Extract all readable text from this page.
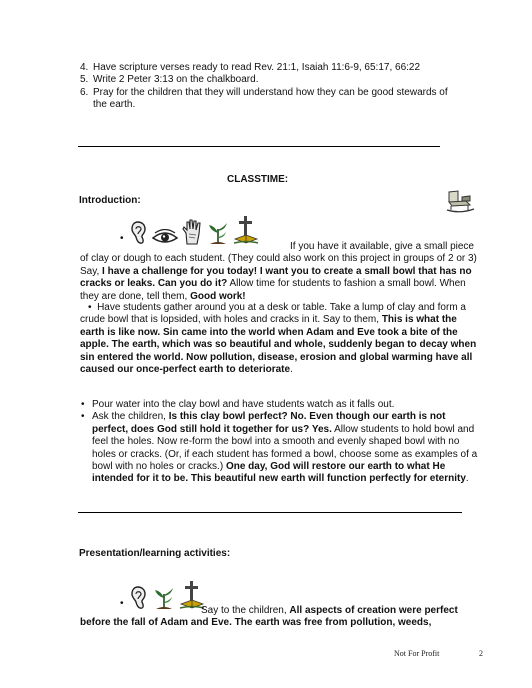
4. Have scripture verses ready to read Rev. 21:1, Isaiah 11:6-9, 65:17, 66:22
5. Write 2 Peter 3:13 on the chalkboard.
6. Pray for the children that they will understand how they can be good stewards of the earth.
CLASSTIME:
Introduction:
•
If you have it available, give a small piece of clay or dough to each student. (They could also work on this project in groups of 2 or 3) Say, I have a challenge for you today! I want you to create a small bowl that has no cracks or leaks. Can you do it? Allow time for students to fashion a small bowl. When they are done, tell them, Good work!
•  Have students gather around you at a desk or table. Take a lump of clay and form a crude bowl that is lopsided, with holes and cracks in it. Say to them, This is what the earth is like now. Sin came into the world when Adam and Eve took a bite of the apple. The earth, which was so beautiful and whole, suddenly began to decay when sin entered the world. Now pollution, disease, erosion and global warming have all caused our once-perfect earth to deteriorate.
• Pour water into the clay bowl and have students watch as it falls out.
• Ask the children, Is this clay bowl perfect? No. Even though our earth is not perfect, does God still hold it together for us? Yes. Allow students to hold bowl and feel the holes. Now re-form the bowl into a smooth and evenly shaped bowl with no holes or cracks. (Or, if each student has formed a bowl, choose some as examples of a bowl with no holes or cracks.) One day, God will restore our earth to what He intended for it to be. This beautiful new earth will function perfectly for eternity.
Presentation/learning activities:
•
Say to the children, All aspects of creation were perfect before the fall of Adam and Eve. The earth was free from pollution, weeds,
Not For Profit	2
